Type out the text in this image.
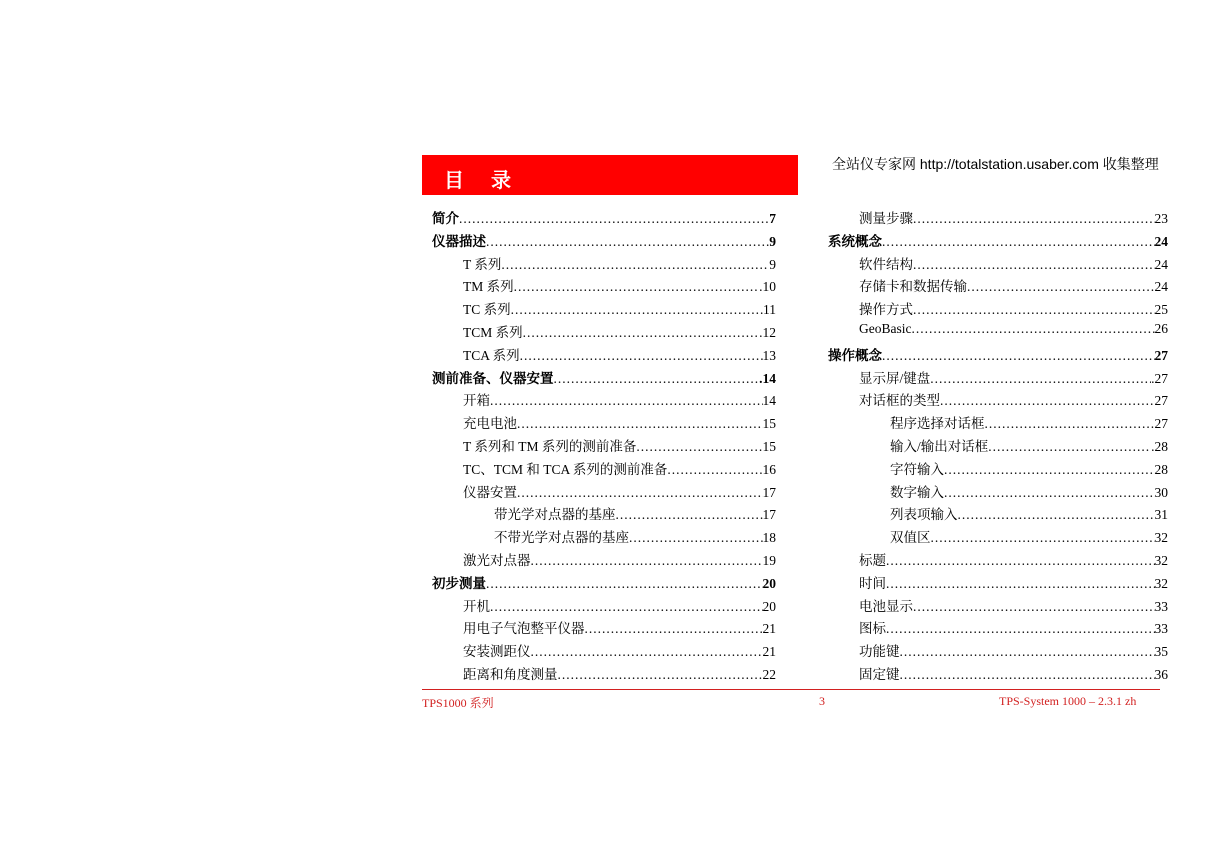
全站仪专家网 http://totalstation.usaber.com 收集整理
目 录
简介 .....	7
仪器描述 .....	9
T 系列 .....	9
TM 系列 .....	.10
TC 系列 .....	11
TCM 系列 .....	.12
TCA 系列 .....	13
测前准备、仪器安置 .....	.14
开箱 .....	14
充电电池 .....	15
T 系列和 TM 系列的测前准备 .....	15
TC、TCM 和 TCA 系列的测前准备 .....	16
仪器安置 .....	17
带光学对点器的基座 .....	17
不带光学对点器的基座 .....	18
激光对点器 .....	19
初步测量 .....	20
开机 .....	20
用电子气泡整平仪器 .....	21
安装测距仪 .....	21
距离和角度测量 .....	22
测量步骤 .....	23
系统概念 .....	24
软件结构 .....	24
存储卡和数据传输 .....	24
操作方式 .....	25
GeoBasic .....	26
操作概念 .....	27
显示屏/键盘 .....	.27
对话框的类型 .....	27
程序选择对话框 .....	27
输入/输出对话框 .....	.28
字符输入 .....	28
数字输入 .....	30
列表项输入 .....	31
双值区 .....	32
标题 .....	32
时间 .....	32
电池显示 .....	33
图标 .....	33
功能键 .....	35
固定键 .....	36
TPS1000 系列	3	TPS-System 1000 – 2.3.1 zh
